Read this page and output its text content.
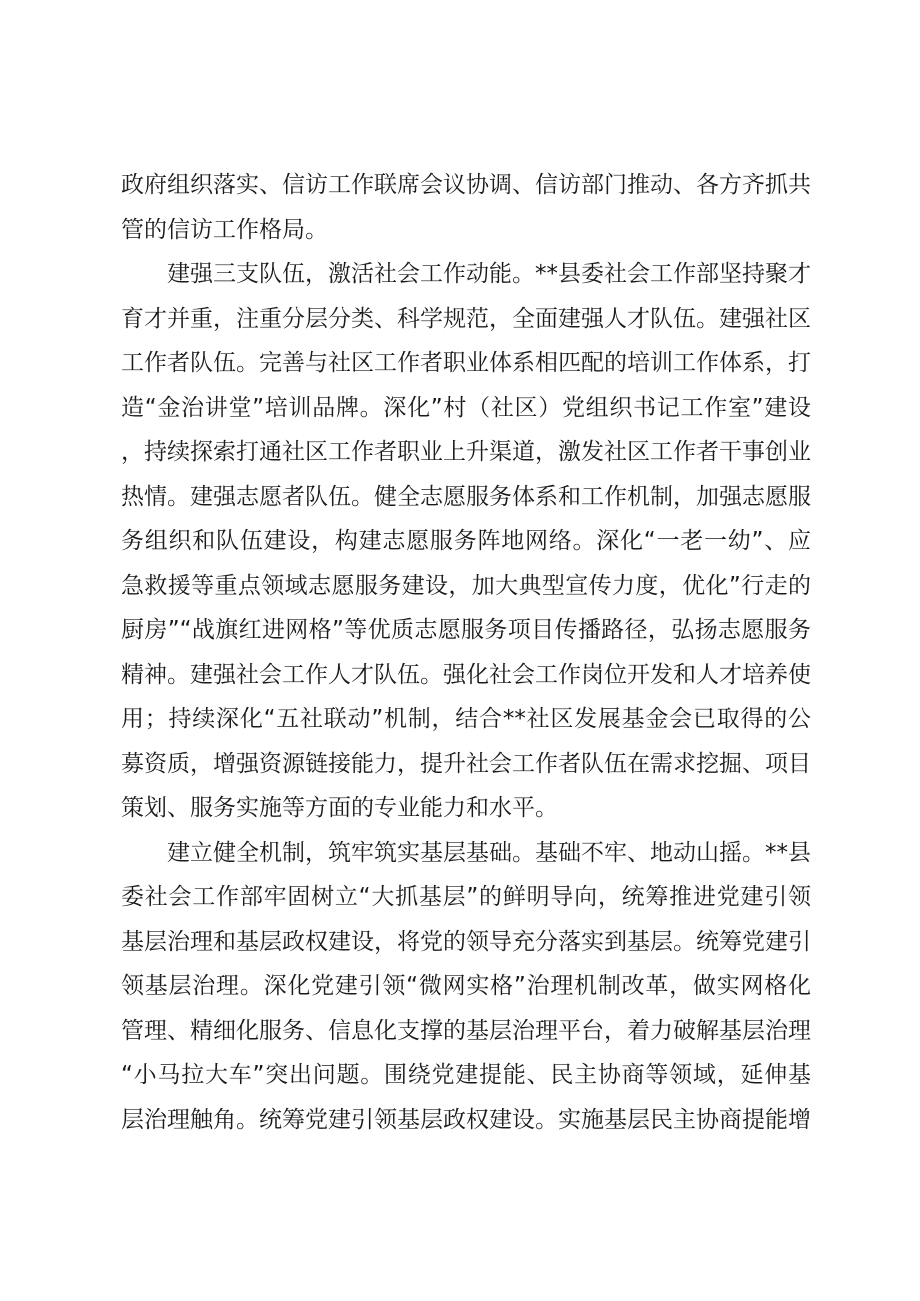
政府组织落实、信访工作联席会议协调、信访部门推动、各方齐抓共管的信访工作格局。

建强三支队伍，激活社会工作动能。**县委社会工作部坚持聚才育才并重，注重分层分类、科学规范，全面建强人才队伍。建强社区工作者队伍。完善与社区工作者职业体系相匹配的培训工作体系，打造“金治讲堂”培训品牌。深化”村（社区）党组织书记工作室”建设，持续探索打通社区工作者职业上升渠道，激发社区工作者干事创业热情。建强志愿者队伍。健全志愿服务体系和工作机制，加强志愿服务组织和队伍建设，构建志愿服务阵地网络。深化“一老一幼”、应急救援等重点领域志愿服务建设，加大典型宣传力度，优化”行走的厨房”“战旗红进网格”等优质志愿服务项目传播路径，弘扬志愿服务精神。建强社会工作人才队伍。强化社会工作岗位开发和人才培养使用；持续深化“五社联动”机制，结合**社区发展基金会已取得的公募资质，增强资源链接能力，提升社会工作者队伍在需求挖掘、项目策划、服务实施等方面的专业能力和水平。

建立健全机制，筑牢筑实基层基础。基础不牢、地动山摇。**县委社会工作部牢固树立“大抓基层”的鲜明导向，统筹推进党建引领基层治理和基层政权建设，将党的领导充分落实到基层。统筹党建引领基层治理。深化党建引领“微网实格”治理机制改革，做实网格化管理、精细化服务、信息化支撑的基层治理平台，着力破解基层治理“小马拉大车”突出问题。围绕党建提能、民主协商等领域，延伸基层治理触角。统筹党建引领基层政权建设。实施基层民主协商提能增
